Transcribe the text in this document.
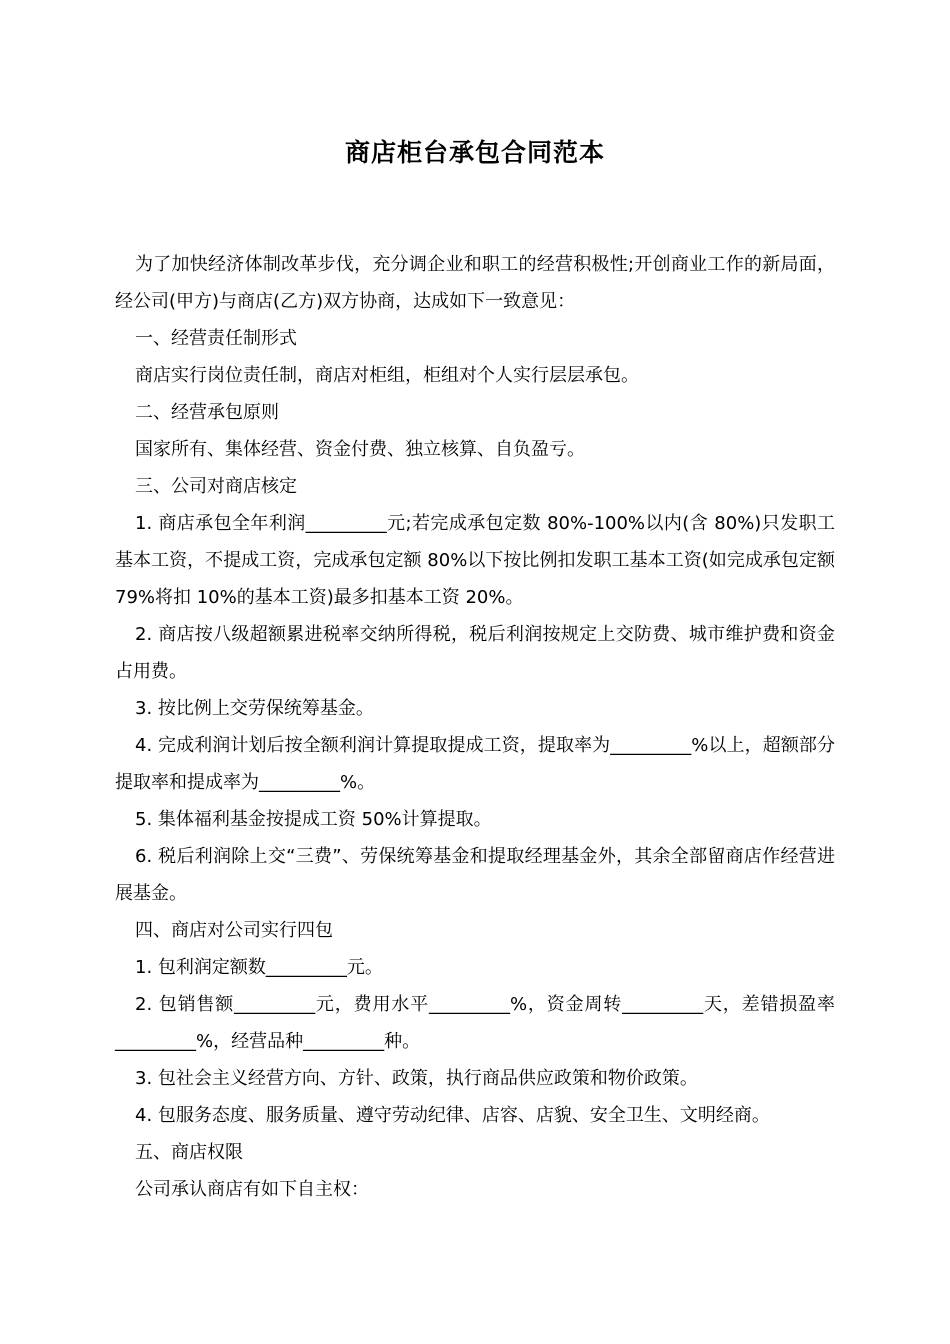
商店柜台承包合同范本

为了加快经济体制改革步伐，充分调企业和职工的经营积极性;开创商业工作的新局面，经公司(甲方)与商店(乙方)双方协商，达成如下一致意见：

一、经营责任制形式

商店实行岗位责任制，商店对柜组，柜组对个人实行层层承包。

二、经营承包原则

国家所有、集体经营、资金付费、独立核算、自负盈亏。

三、公司对商店核定

1. 商店承包全年利润_________元;若完成承包定数 80%-100%以内(含 80%)只发职工基本工资，不提成工资，完成承包定额 80%以下按比例扣发职工基本工资(如完成承包定额 79%将扣 10%的基本工资)最多扣基本工资 20%。

2. 商店按八级超额累进税率交纳所得税，税后利润按规定上交防费、城市维护费和资金占用费。

3. 按比例上交劳保统筹基金。

4. 完成利润计划后按全额利润计算提取提成工资，提取率为_________%以上，超额部分提取率和提成率为_________%。

5. 集体福利基金按提成工资 50%计算提取。

6. 税后利润除上交“三费”、劳保统筹基金和提取经理基金外，其余全部留商店作经营进展基金。

四、商店对公司实行四包

1. 包利润定额数_________元。

2. 包销售额_________元，费用水平_________%，资金周转_________天，差错损盈率_________%，经营品种_________种。

3. 包社会主义经营方向、方针、政策，执行商品供应政策和物价政策。

4. 包服务态度、服务质量、遵守劳动纪律、店容、店貌、安全卫生、文明经商。

五、商店权限

公司承认商店有如下自主权：
